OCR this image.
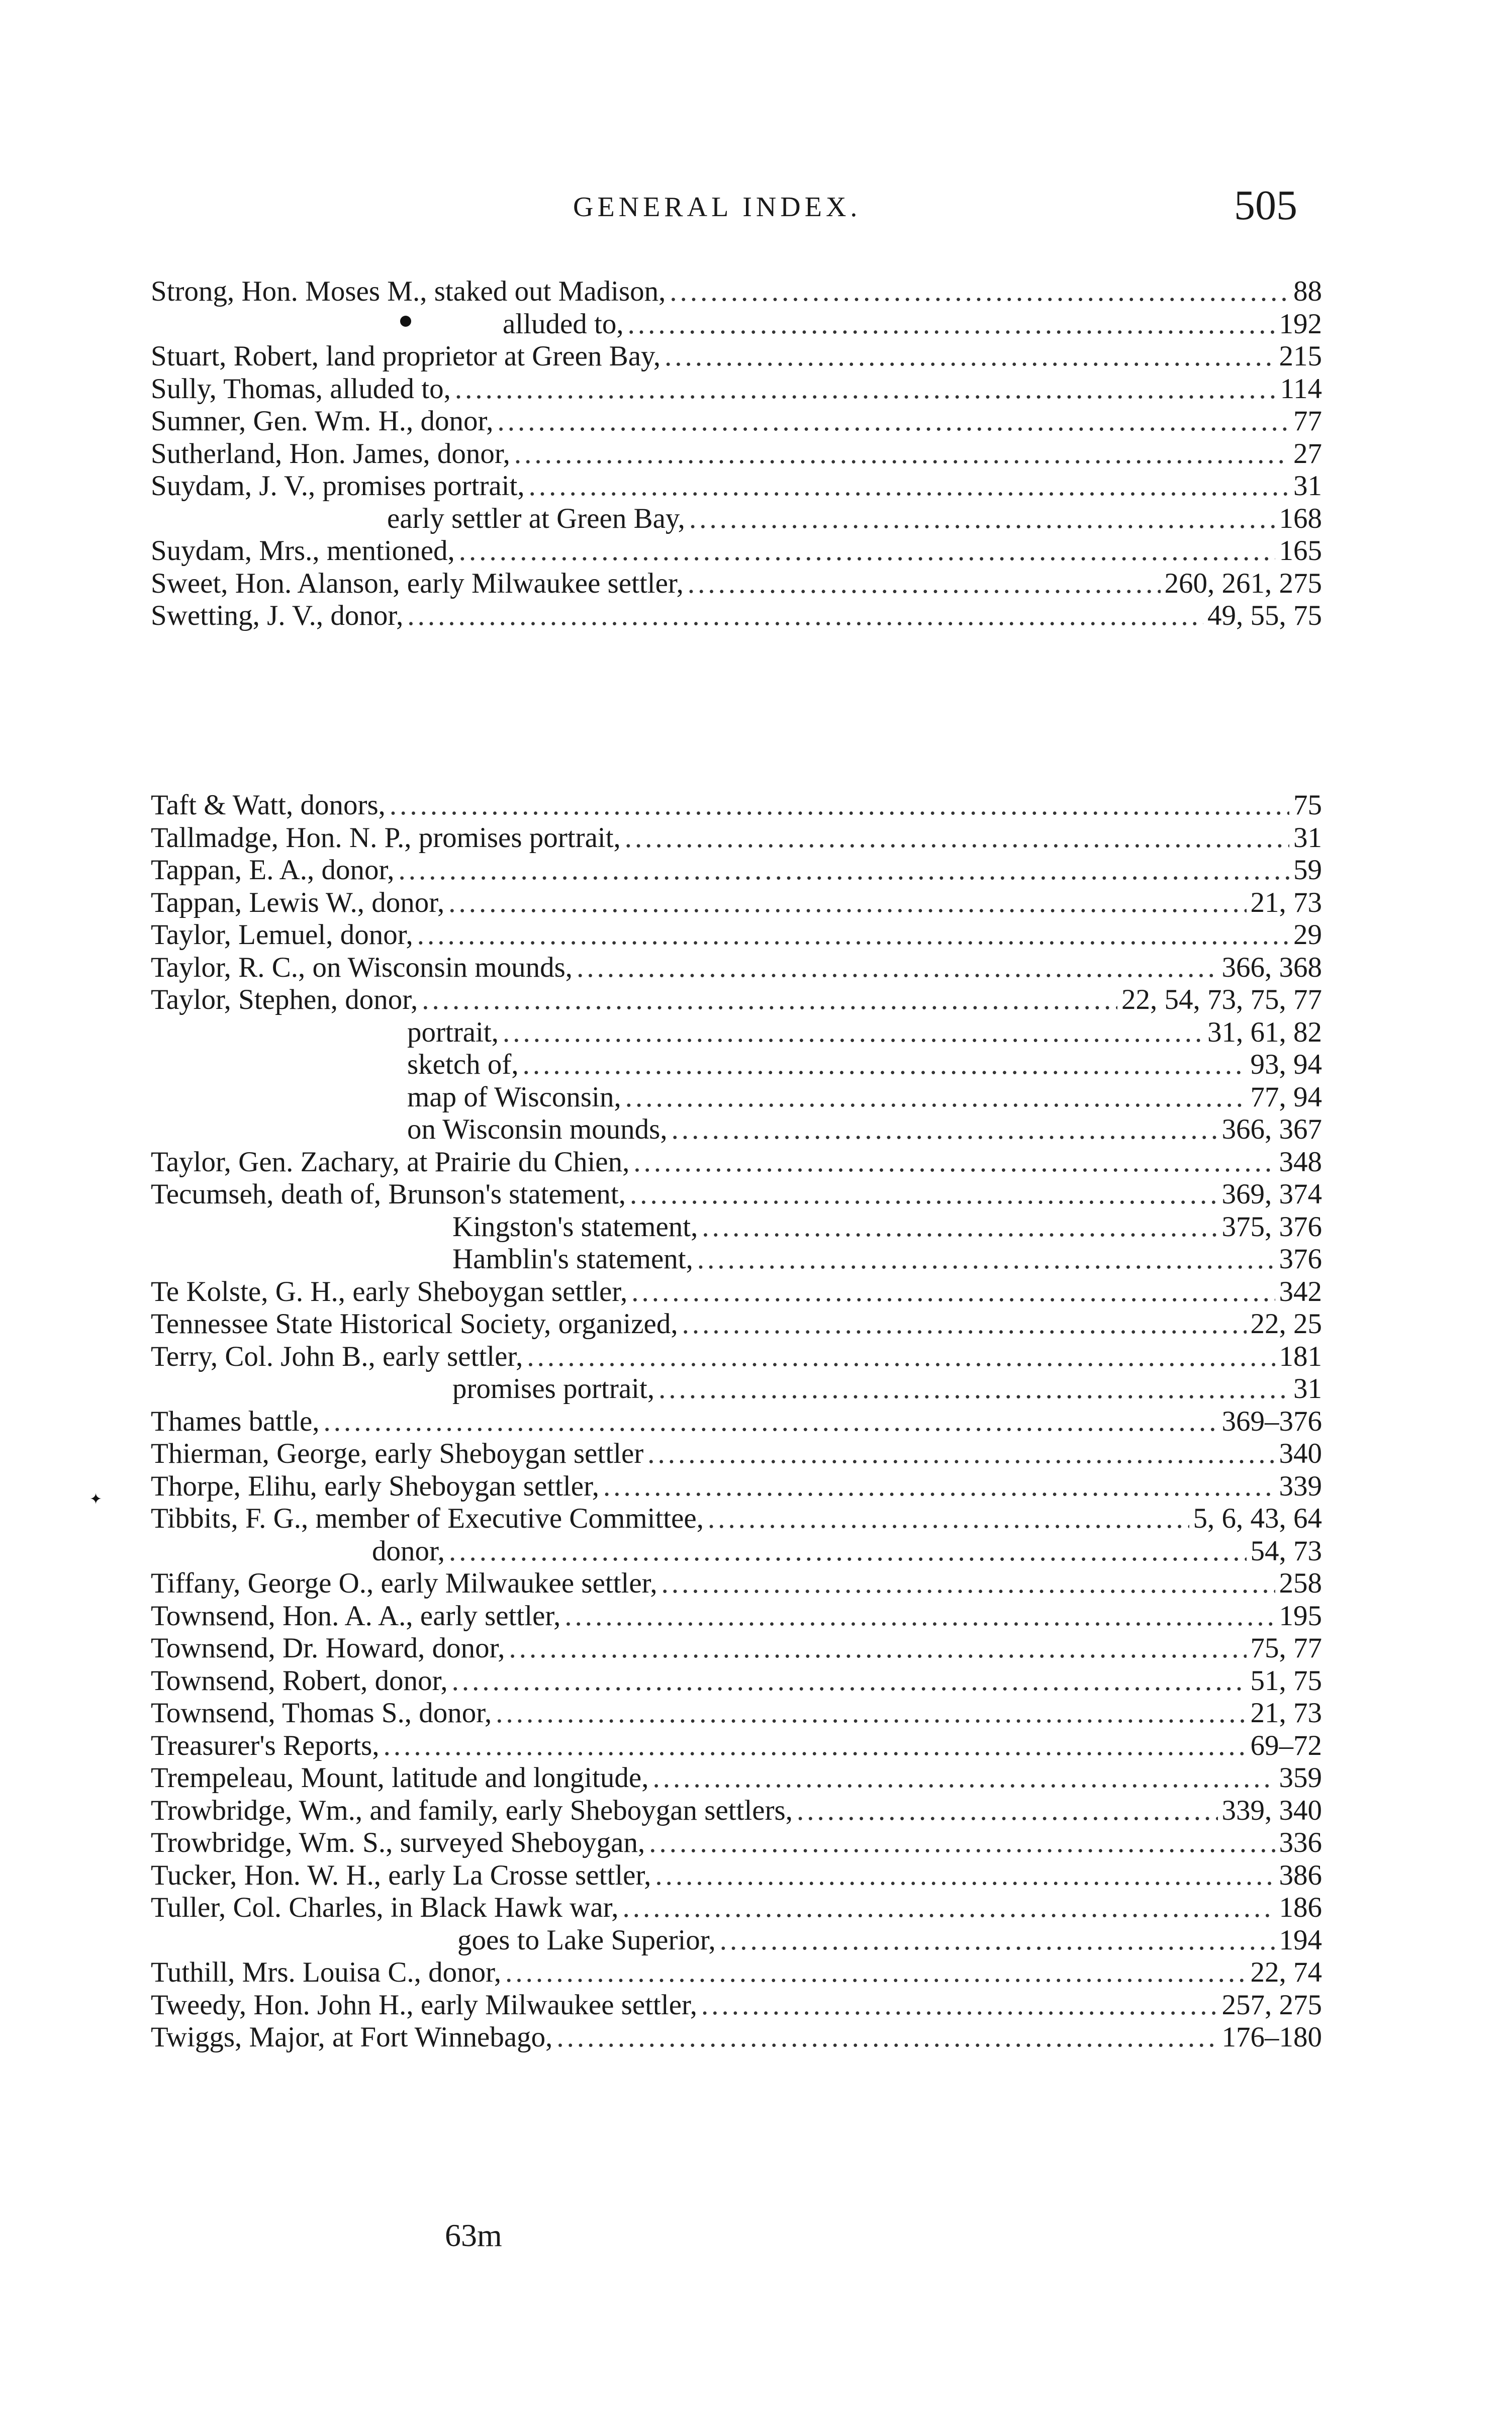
GENERAL INDEX.	505
Strong, Hon. Moses M., staked out Madison, .....	88
alluded to, .....	192
Stuart, Robert, land proprietor at Green Bay, .....	215
Sully, Thomas, alluded to, .....	114
Sumner, Gen. Wm. H., donor, .....	77
Sutherland, Hon. James, donor, .....	27
Suydam, J. V., promises portrait, .....	31
early settler at Green Bay, .....	168
Suydam, Mrs., mentioned, .....	165
Sweet, Hon. Alanson, early Milwaukee settler, .....	260, 261, 275
Swetting, J. V., donor, .....	49, 55, 75
Taft & Watt, donors, .....	75
Tallmadge, Hon. N. P., promises portrait, .....	31
Tappan, E. A., donor, .....	59
Tappan, Lewis W., donor, .....	21, 73
Taylor, Lemuel, donor, .....	29
Taylor, R. C., on Wisconsin mounds, .....	366, 368
Taylor, Stephen, donor, .....	22, 54, 73, 75, 77
portrait, .....	31, 61, 82
sketch of, .....	93, 94
map of Wisconsin, .....	77, 94
on Wisconsin mounds, .....	366, 367
Taylor, Gen. Zachary, at Prairie du Chien, .....	348
Tecumseh, death of, Brunson's statement, .....	369, 374
Kingston's statement, .....	375, 376
Hamblin's statement, .....	376
Te Kolste, G. H., early Sheboygan settler, .....	342
Tennessee State Historical Society, organized, .....	22, 25
Terry, Col. John B., early settler, .....	181
promises portrait, .....	31
Thames battle, .....	369–376
Thierman, George, early Sheboygan settler .....	340
Thorpe, Elihu, early Sheboygan settler, .....	339
Tibbits, F. G., member of Executive Committee, .....	5, 6, 43, 64
donor, .....	54, 73
Tiffany, George O., early Milwaukee settler, .....	258
Townsend, Hon. A. A., early settler, .....	195
Townsend, Dr. Howard, donor, .....	75, 77
Townsend, Robert, donor, .....	51, 75
Townsend, Thomas S., donor, .....	21, 73
Treasurer's Reports, .....	69–72
Trempeleau, Mount, latitude and longitude, .....	359
Trowbridge, Wm., and family, early Sheboygan settlers, .....	339, 340
Trowbridge, Wm. S., surveyed Sheboygan, .....	336
Tucker, Hon. W. H., early La Crosse settler, .....	386
Tuller, Col. Charles, in Black Hawk war, .....	186
goes to Lake Superior, .....	194
Tuthill, Mrs. Louisa C., donor, .....	22, 74
Tweedy, Hon. John H., early Milwaukee settler, .....	257, 275
Twiggs, Major, at Fort Winnebago, .....	176–180
✦
63m
